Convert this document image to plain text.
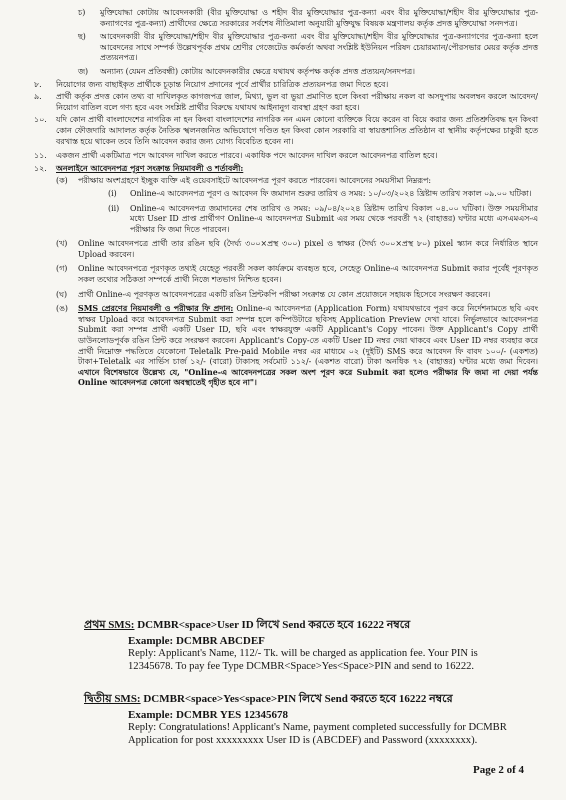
চ)	মুক্তিযোদ্ধা কোটায় আবেদনকারী (বীর মুক্তিযোদ্ধা ও শহীদ বীর মুক্তিযোদ্ধার পুত্র-কন্যা এবং বীর মুক্তিযোদ্ধা/শহীদ বীর মুক্তিযোদ্ধার পুত্র-কন্যাগণের পুত্র-কন্যা) প্রার্থীদের ক্ষেত্রে সরকারের সর্বশেষ নীতিমালা অনুযায়ী মুক্তিযুদ্ধ বিষয়ক মন্ত্রণালয় কর্তৃক প্রদত্ত মুক্তিযোদ্ধা সনদপত্র।
ছ)	আবেদনকারী বীর মুক্তিযোদ্ধা/শহীদ বীর মুক্তিযোদ্ধার পুত্র-কন্যা এবং বীর মুক্তিযোদ্ধা/শহীদ বীর মুক্তিযোদ্ধার পুত্র-কন্যাগণের পুত্র-কন্যা হলে আবেদনের সাথে সম্পর্ক উল্লেখপূর্বক প্রথম শ্রেণীর গেজেটেড কর্মকর্তা অথবা সংশ্লিষ্ট ইউনিয়ন পরিষদ চেয়ারম্যান/পৌরসভার মেয়র কর্তৃক প্রদত্ত প্রত্যয়নপত্র।
জ)	অন্যান্য (যেমন প্রতিবন্ধী) কোটায় আবেদনকারীর ক্ষেত্রে যথাযথ কর্তৃপক্ষ কর্তৃক প্রদত্ত প্রত্যয়ন/সনদপত্র।
৮.	নিয়োগের জন্য বাছাইকৃত প্রার্থীকে চূড়ান্ত নিয়োগ প্রদানের পূর্বে প্রার্থীর চারিত্রিক প্রত্যয়নপত্র জমা দিতে হবে।
৯.	প্রার্থী কর্তৃক প্রদত্ত কোন তথ্য বা দাখিলকৃত কাগজপত্র জাল, মিথ্যা, ভুল বা ভুয়া প্রমাণিত হলে কিংবা পরীক্ষায় নকল বা অসদুপায় অবলম্বন করলে আবেদন/নিয়োগ বাতিল বলে গণ্য হবে এবং সংশ্লিষ্ট প্রার্থীর বিরুদ্ধে যথাযথ আইনানুগ ব্যবস্থা গ্রহণ করা হবে।
১০.	যদি কোন প্রার্থী বাংলাদেশের নাগরিক না হন কিংবা বাংলাদেশের নাগরিক নন এমন কোনো ব্যক্তিকে বিয়ে করেন বা বিয়ে করার জন্য প্রতিশ্রুতিবদ্ধ হন কিংবা কোন ফৌজদারি আদালত কর্তৃক নৈতিক স্খলনজনিত অভিযোগে দণ্ডিত হন কিংবা কোন সরকারি বা স্বায়ত্তশাসিত প্রতিষ্ঠান বা স্থানীয় কর্তৃপক্ষের চাকুরী হতে বরখাস্ত হয়ে থাকেন তবে তিনি আবেদন করার জন্য যোগ্য বিবেচিত হবেন না।
১১.	একজন প্রার্থী একটিমাত্র পদে আবেদন দাখিল করতে পারবে। একাধিক পদে আবেদন দাখিল করলে আবেদনপত্র বাতিল হবে।
১২.	অনলাইনে আবেদনপত্র পূরণ সংক্রান্ত নিয়মাবলী ও শর্তাবলী:
(ক)	পরীক্ষায় অংশগ্রহণে ইচ্ছুক ব্যক্তি এই ওয়েবসাইটে আবেদনপত্র পূরণ করতে পারবেন। আবেদনের সময়সীমা নিম্নরূপ:
(i)	Online-এ আবেদনপত্র পূরণ ও আবেদন ফি জমাদান শুরুর তারিখ ও সময়: ১০/০৩/২০২৪ খ্রিষ্টাব্দ তারিখ সকাল ০৯.০০ ঘটিকা।
(ii)	Online-এ আবেদনপত্র জমাদানের শেষ তারিখ ও সময়: ০৯/০৪/২০২৪ খ্রিষ্টাব্দ তারিখ বিকাল ০৪.০০ ঘটিকা। উক্ত সময়সীমার মধ্যে User ID প্রাপ্ত প্রার্থীগণ Online-এ আবেদনপত্র Submit এর সময় থেকে পরবর্তী ৭২ (বাহাত্তর) ঘণ্টার মধ্যে এসএমএস-এ পরীক্ষার ফি জমা দিতে পারবেন।
(খ)	Online আবেদনপত্রে প্রার্থী তার রঙিন ছবি (দৈর্ঘ্য ৩০০×প্রস্থ ৩০০) pixel ও স্বাক্ষর (দৈর্ঘ্য ৩০০×প্রস্থ ৮০) pixel স্ক্যান করে নির্ধারিত স্থানে Upload করবেন।
(গ)	Online আবেদনপত্রে পূরণকৃত তথ্যই যেহেতু পরবর্তী সকল কার্যক্রমে ব্যবহৃত হবে, সেহেতু Online-এ আবেদনপত্র Submit করার পূর্বেই পূরণকৃত সকল তথ্যের সঠিকতা সম্পর্কে প্রার্থী নিজে শতভাগ নিশ্চিত হবেন।
(ঘ)	প্রার্থী Online-এ পূরণকৃত আবেদনপত্রের একটি রঙিন প্রিন্টকপি পরীক্ষা সংক্রান্ত যে কোন প্রয়োজনে সহায়ক হিসেবে সংরক্ষণ করবেন।
(ঙ)	SMS প্রেরণের নিয়মাবলী ও পরীক্ষার ফি প্রদান: Online-এ আবেদনপত্র (Application Form) যথাযথভাবে পূরণ করে নির্দেশনামতে ছবি এবং স্বাক্ষর Upload করে আবেদনপত্র Submit করা সম্পন্ন হলে কম্পিউটারে ছবিসহ Application Preview দেখা যাবে। নির্ভুলভাবে আবেদনপত্র Submit করা সম্পন্ন প্রার্থী একটি User ID, ছবি এবং স্বাক্ষরযুক্ত একটি Applicant's Copy পাবেন। উক্ত Applicant's Copy প্রার্থী ডাউনলোডপূর্বক রঙিন প্রিন্ট করে সংরক্ষণ করবেন। Applicant's Copy-তে একটি User ID নম্বর দেয়া থাকবে এবং User ID নম্বর ব্যবহার করে প্রার্থী নিম্নোক্ত পদ্ধতিতে যেকোনো Teletalk Pre-paid Mobile নম্বর এর মাধ্যমে ০২ (দুইটি) SMS করে আবেদন ফি বাবদ ১০০/- (একশত) টাকা+Teletalk এর সার্ভিস চার্জ ১২/- (বারো) টাকাসহ সর্বমোট ১১২/- (একশত বারো) টাকা অনধিক ৭২ (বাহাত্তর) ঘণ্টার মধ্যে জমা দিবেন। এখানে বিশেষভাবে উল্লেখ্য যে, "Online-এ আবেদনপত্রের সকল অংশ পূরণ করে Submit করা হলেও পরীক্ষার ফি জমা না দেয়া পর্যন্ত Online আবেদনপত্র কোনো অবস্থাতেই গৃহীত হবে না"।
প্রথম SMS: DCMBR<space>User ID লিখে Send করতে হবে 16222 নম্বরে
Example: DCMBR ABCDEF
Reply: Applicant's Name, 112/- Tk. will be charged as application fee. Your PIN is 12345678. To pay fee Type DCMBR<Space>Yes<Space>PIN and send to 16222.
দ্বিতীয় SMS: DCMBR<space>Yes<space>PIN লিখে Send করতে হবে 16222 নম্বরে
Example: DCMBR YES 12345678
Reply: Congratulations! Applicant's Name, payment completed successfully for DCMBR Application for post xxxxxxxxx User ID is (ABCDEF) and Password (xxxxxxxx).
Page 2 of 4
